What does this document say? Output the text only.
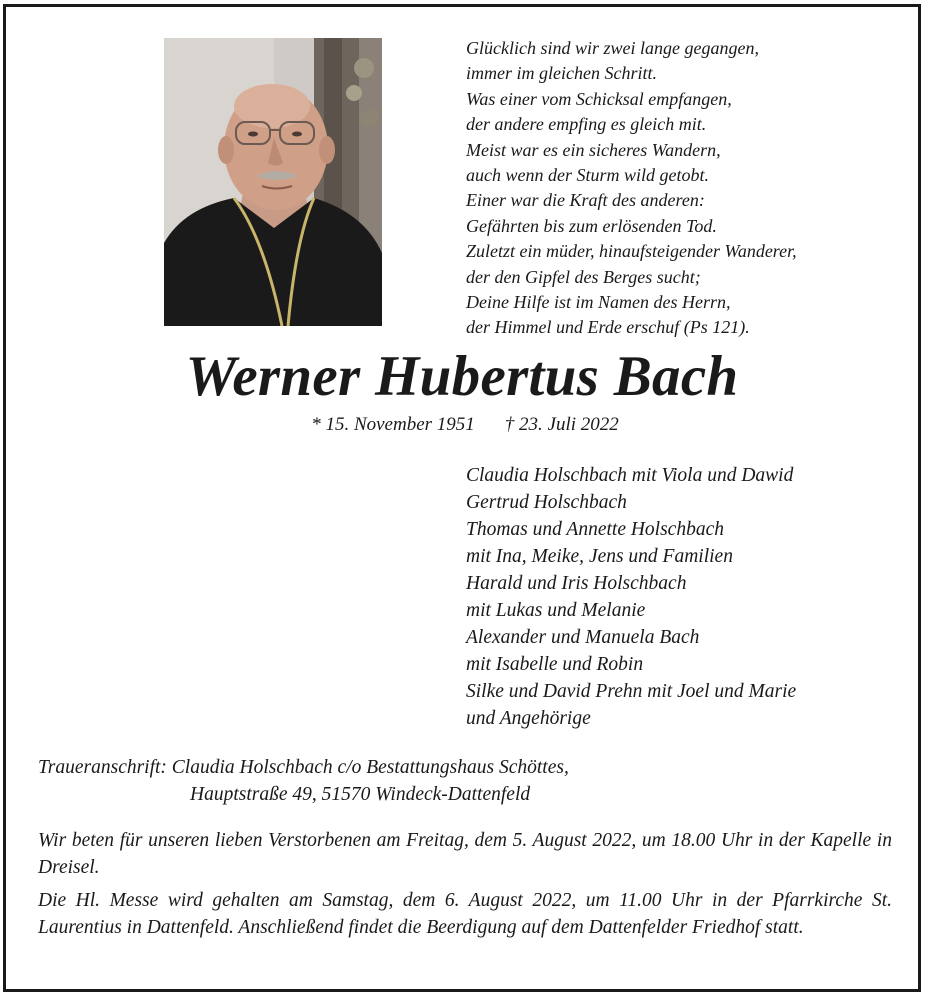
Glücklich sind wir zwei lange gegangen,
immer im gleichen Schritt.
Was einer vom Schicksal empfangen,
der andere empfing es gleich mit.
Meist war es ein sicheres Wandern,
auch wenn der Sturm wild getobt.
Einer war die Kraft des anderen:
Gefährten bis zum erlösenden Tod.
Zuletzt ein müder, hinaufsteigender Wanderer,
der den Gipfel des Berges sucht;
Deine Hilfe ist im Namen des Herrn,
der Himmel und Erde erschuf (Ps 121).
Werner Hubertus Bach
* 15. November 1951 † 23. Juli 2022
Claudia Holschbach mit Viola und Dawid
Gertrud Holschbach
Thomas und Annette Holschbach
mit Ina, Meike, Jens und Familien
Harald und Iris Holschbach
mit Lukas und Melanie
Alexander und Manuela Bach
mit Isabelle und Robin
Silke und David Prehn mit Joel und Marie
und Angehörige
Traueranschrift: Claudia Holschbach c/o Bestattungshaus Schöttes,
Hauptstraße 49, 51570 Windeck-Dattenfeld
Wir beten für unseren lieben Verstorbenen am Freitag, dem 5. August 2022, um 18.00 Uhr in der Kapelle in Dreisel.
Die Hl. Messe wird gehalten am Samstag, dem 6. August 2022, um 11.00 Uhr in der Pfarrkirche St. Laurentius in Dattenfeld. Anschließend findet die Beerdigung auf dem Dattenfelder Friedhof statt.
